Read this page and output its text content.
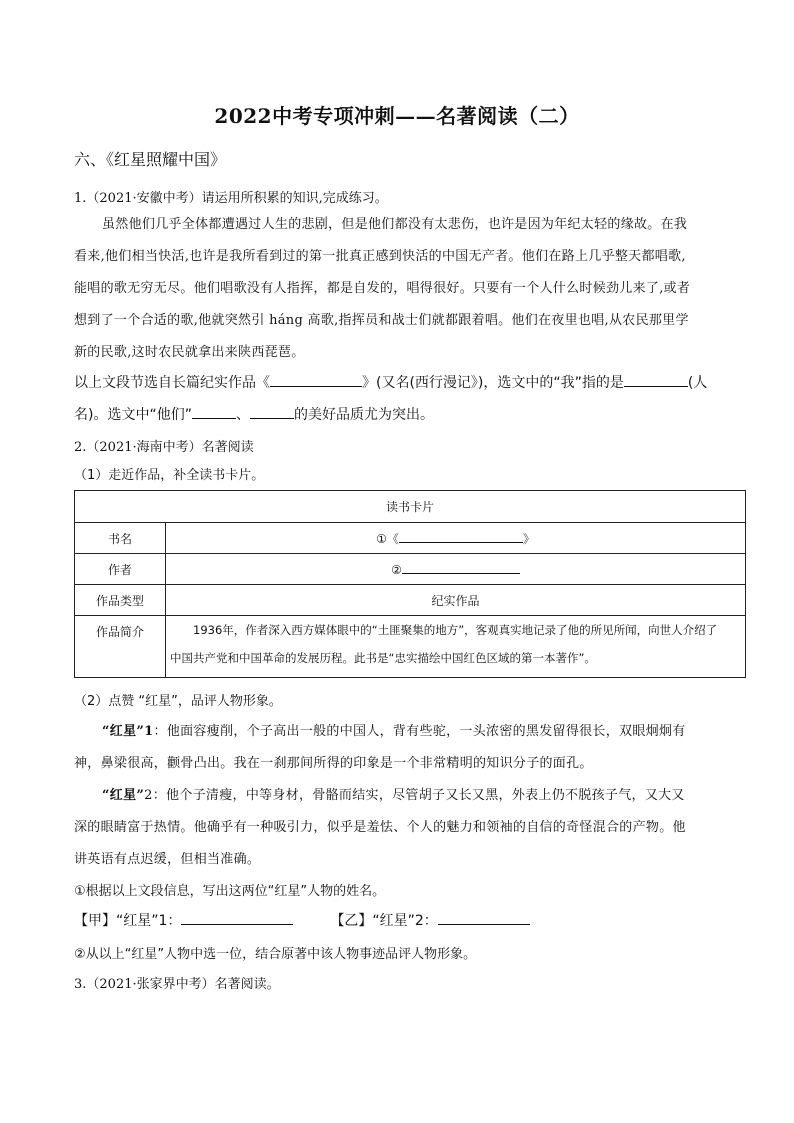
2022中考专项冲刺——名著阅读（二）
六、《红星照耀中国》
1.（2021·安徽中考）请运用所积累的知识,完成练习。
虽然他们几乎全体都遭遇过人生的悲剧，但是他们都没有太悲伤，也许是因为年纪太轻的缘故。在我
看来,他们相当快活,也许是我所看到过的第一批真正感到快活的中国无产者。他们在路上几乎整天都唱歌,
能唱的歌无穷无尽。他们唱歌没有人指挥，都是自发的，唱得很好。只要有一个人什么时候劲儿来了,或者
想到了一个合适的歌,他就突然引 háng 高歌,指挥员和战士们就都跟着唱。他们在夜里也唱,从农民那里学
新的民歌,这时农民就拿出来陕西琵琶。
以上文段节选自长篇纪实作品《	》(又名(西行漫记》)，选文中的“我”指的是	(人
名)。选文中“他们”	、	的美好品质尤为突出。
2.（2021·海南中考）名著阅读
（1）走近作品，补全读书卡片。
读书卡片	
书名	①《 》
作者	②
作品类型	纪实作品
作品简介	1936年，作者深入西方媒体眼中的“土匪聚集的地方”，客观真实地记录了他的所见所闻，向世人介绍了
中国共产党和中国革命的发展历程。此书是“忠实描绘中国红色区域的第一本著作”。
（2）点赞 “红星”，品评人物形象。
“红星”1：他面容瘦削，个子高出一般的中国人，背有些驼，一头浓密的黑发留得很长，双眼炯炯有
神，鼻梁很高，颧骨凸出。我在一刹那间所得的印象是一个非常精明的知识分子的面孔。
“红星”2：他个子清瘦，中等身材，骨骼而结实，尽管胡子又长又黑，外表上仍不脱孩子气，又大又
深的眼睛富于热情。他确乎有一种吸引力，似乎是羞怯、个人的魅力和领袖的自信的奇怪混合的产物。他
讲英语有点迟缓，但相当准确。
①根据以上文段信息，写出这两位“红星”人物的姓名。
【甲】“红星”1：	【乙】“红星”2：
②从以上“红星”人物中选一位，结合原著中该人物事迹品评人物形象。
3.（2021·张家界中考）名著阅读。
